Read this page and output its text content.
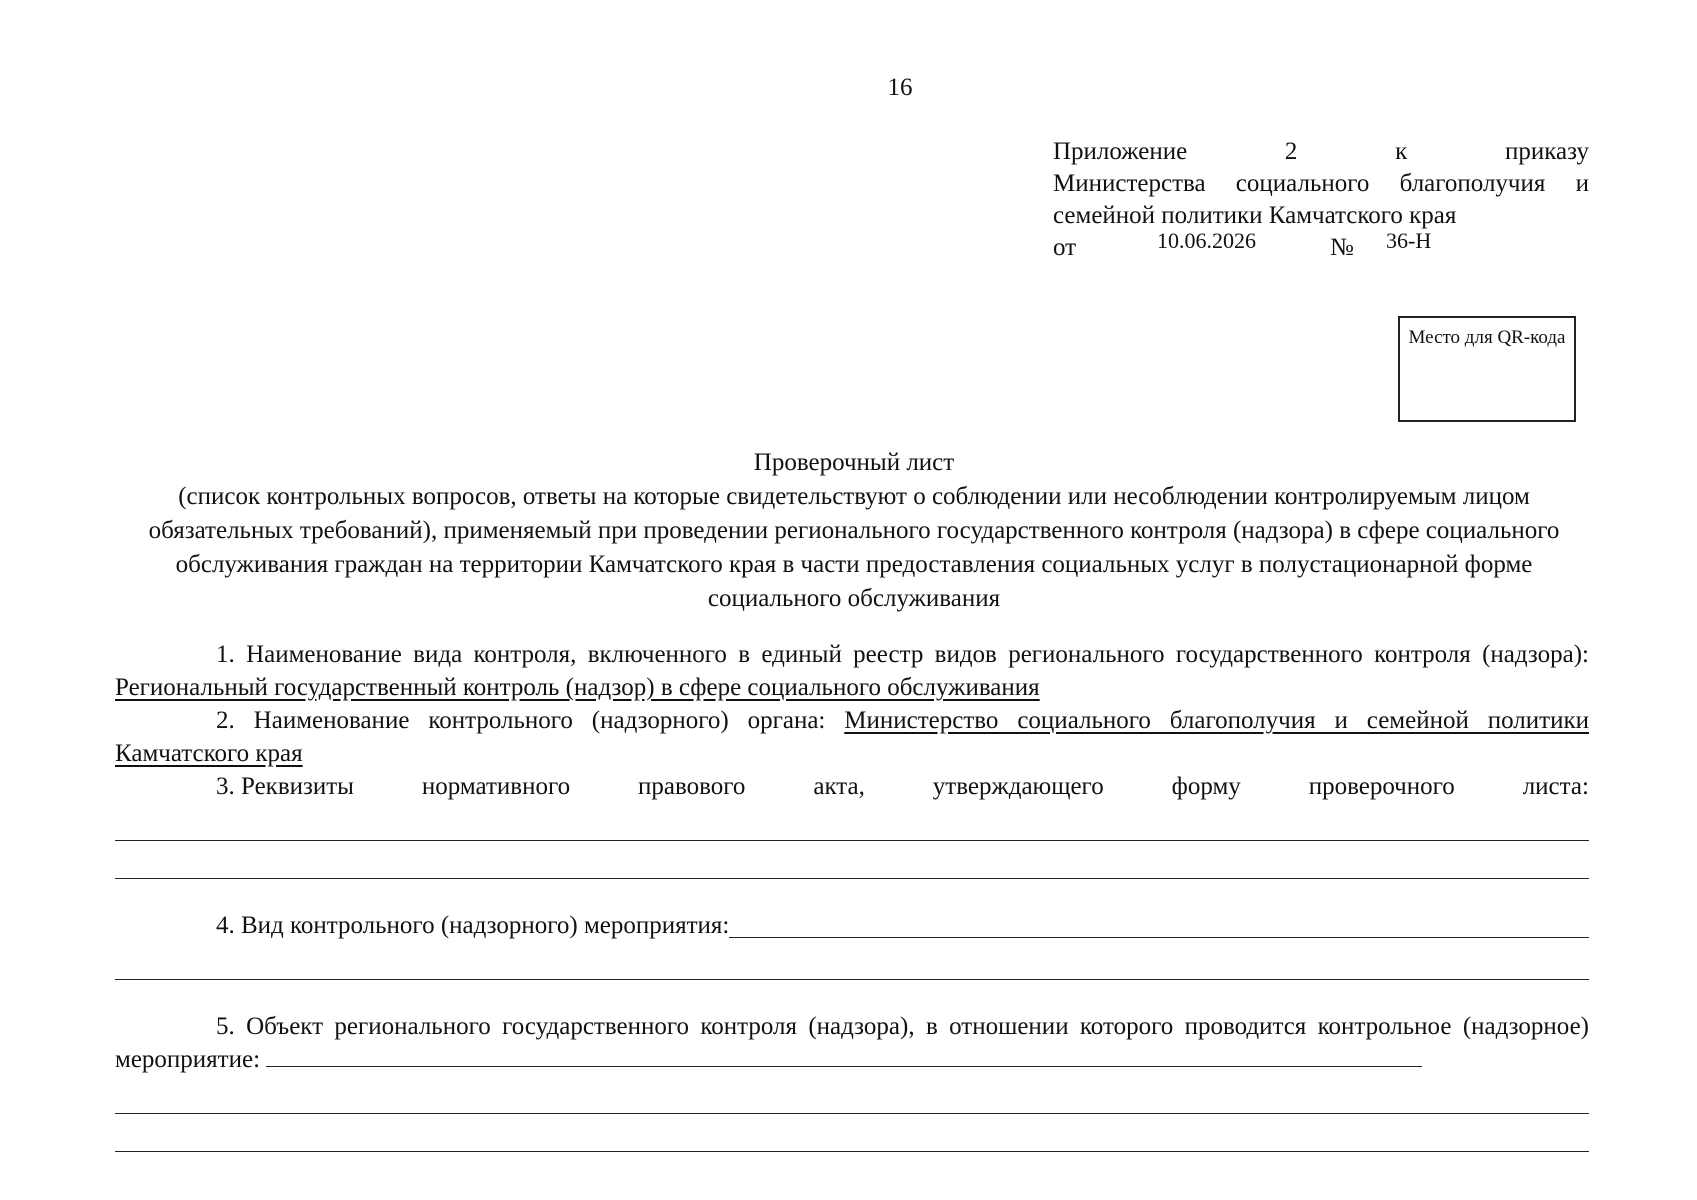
16
Приложение 2 к приказу
Министерства социального благополучия и
семейной политики Камчатского края
от	10.06.2026	№ 36-Н
Место для QR-кода
Проверочный лист
(список контрольных вопросов, ответы на которые свидетельствуют о соблюдении или несоблюдении контролируемым лицом обязательных требований), применяемый при проведении регионального государственного контроля (надзора) в сфере социального обслуживания граждан на территории Камчатского края в части предоставления социальных услуг в полустационарной форме социального обслуживания

1. Наименование вида контроля, включенного в единый реестр видов регионального государственного контроля (надзора): Региональный государственный контроль (надзор) в сфере социального обслуживания

2. Наименование контрольного (надзорного) органа: Министерство социального благополучия и семейной политики Камчатского края

3. Реквизиты	нормативного	правового	акта,	утверждающего	форму	проверочного	листа:
4. Вид контрольного (надзорного) мероприятия:

5. Объект регионального государственного контроля (надзора), в отношении которого проводится контрольное (надзорное) мероприятие:
